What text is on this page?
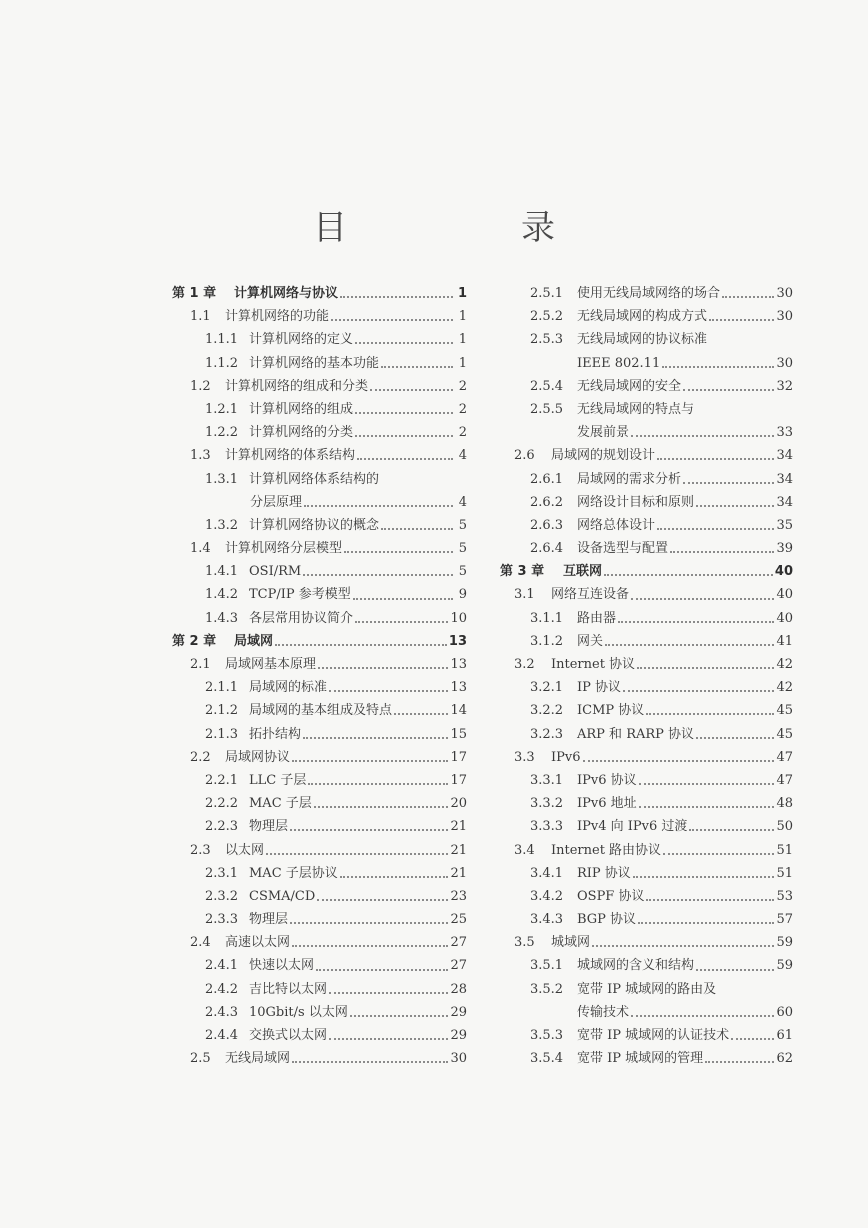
目　录
第 1 章	计算机网络与协议	1
1.1	计算机网络的功能	1
1.1.1 计算机网络的定义	1
1.1.2 计算机网络的基本功能	1
1.2	计算机网络的组成和分类	2
1.2.1 计算机网络的组成	2
1.2.2 计算机网络的分类	2
1.3	计算机网络的体系结构	4
1.3.1 计算机网络体系结构的
分层原理	4
1.3.2 计算机网络协议的概念	5
1.4	计算机网络分层模型	5
1.4.1 OSI/RM	5
1.4.2 TCP/IP 参考模型	9
1.4.3 各层常用协议简介	10
第 2 章	局域网	13
2.1	局域网基本原理	13
2.1.1 局域网的标准	13
2.1.2 局域网的基本组成及特点	14
2.1.3 拓扑结构	15
2.2	局域网协议	17
2.2.1 LLC 子层	17
2.2.2 MAC 子层	20
2.2.3 物理层	21
2.3	以太网	21
2.3.1 MAC 子层协议	21
2.3.2 CSMA/CD	23
2.3.3 物理层	25
2.4	高速以太网	27
2.4.1 快速以太网	27
2.4.2 吉比特以太网	28
2.4.3 10Gbit/s 以太网	29
2.4.4 交换式以太网	29
2.5	无线局域网	30
2.5.1	使用无线局域网络的场合	30
2.5.2	无线局域网的构成方式	30
2.5.3	无线局域网的协议标准
IEEE 802.11	30
2.5.4	无线局域网的安全	32
2.5.5	无线局域网的特点与
发展前景	33
2.6	局域网的规划设计	34
2.6.1	局域网的需求分析	34
2.6.2	网络设计目标和原则	34
2.6.3	网络总体设计	35
2.6.4	设备选型与配置	39
第 3 章	互联网	40
3.1	网络互连设备	40
3.1.1	路由器	40
3.1.2	网关	41
3.2	Internet 协议	42
3.2.1	IP 协议	42
3.2.2	ICMP 协议	45
3.2.3	ARP 和 RARP 协议	45
3.3	IPv6	47
3.3.1	IPv6 协议	47
3.3.2	IPv6 地址	48
3.3.3	IPv4 向 IPv6 过渡	50
3.4	Internet 路由协议	51
3.4.1	RIP 协议	51
3.4.2	OSPF 协议	53
3.4.3	BGP 协议	57
3.5	城域网	59
3.5.1	城域网的含义和结构	59
3.5.2	宽带 IP 城域网的路由及
传输技术	60
3.5.3	宽带 IP 城域网的认证技术	61
3.5.4	宽带 IP 城域网的管理	62
